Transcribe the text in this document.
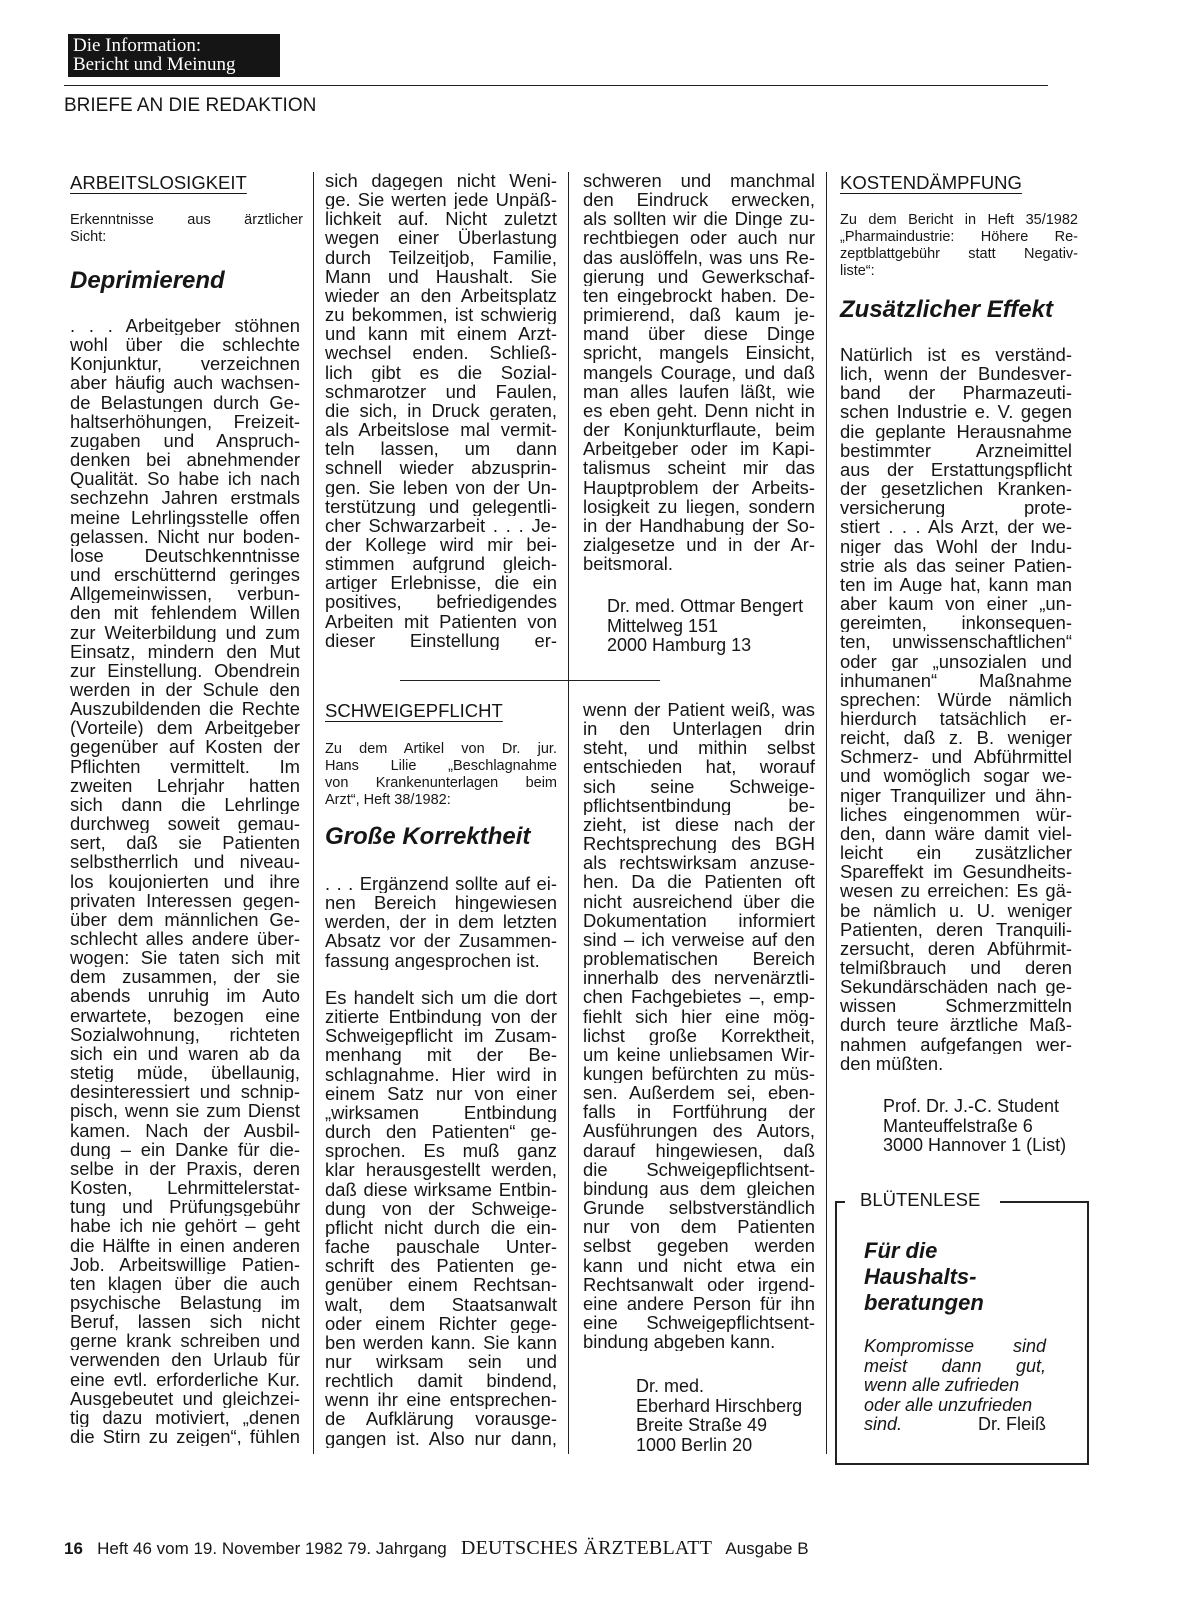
Die Information:
Bericht und Meinung
BRIEFE AN DIE REDAKTION
ARBEITSLOSIGKEIT
Erkenntnisse aus ärztlicher
Sicht:
Deprimierend
. . . Arbeitgeber stöhnen
wohl über die schlechte
Konjunktur, verzeichnen
aber häufig auch wachsen-
de Belastungen durch Ge-
haltserhöhungen, Freizeit-
zugaben und Anspruch-
denken bei abnehmender
Qualität. So habe ich nach
sechzehn Jahren erstmals
meine Lehrlingsstelle offen
gelassen. Nicht nur boden-
lose Deutschkenntnisse
und erschütternd geringes
Allgemeinwissen, verbun-
den mit fehlendem Willen
zur Weiterbildung und zum
Einsatz, mindern den Mut
zur Einstellung. Obendrein
werden in der Schule den
Auszubildenden die Rechte
(Vorteile) dem Arbeitgeber
gegenüber auf Kosten der
Pflichten vermittelt. Im
zweiten Lehrjahr hatten
sich dann die Lehrlinge
durchweg soweit gemau-
sert, daß sie Patienten
selbstherrlich und niveau-
los koujonierten und ihre
privaten Interessen gegen-
über dem männlichen Ge-
schlecht alles andere über-
wogen: Sie taten sich mit
dem zusammen, der sie
abends unruhig im Auto
erwartete, bezogen eine
Sozialwohnung, richteten
sich ein und waren ab da
stetig müde, übellaunig,
desinteressiert und schnip-
pisch, wenn sie zum Dienst
kamen. Nach der Ausbil-
dung – ein Danke für die-
selbe in der Praxis, deren
Kosten, Lehrmittelerstat-
tung und Prüfungsgebühr
habe ich nie gehört – geht
die Hälfte in einen anderen
Job. Arbeitswillige Patien-
ten klagen über die auch
psychische Belastung im
Beruf, lassen sich nicht
gerne krank schreiben und
verwenden den Urlaub für
eine evtl. erforderliche Kur.
Ausgebeutet und gleichzei-
tig dazu motiviert, „denen
die Stirn zu zeigen“, fühlen
sich dagegen nicht Weni-
ge. Sie werten jede Unpäß-
lichkeit auf. Nicht zuletzt
wegen einer Überlastung
durch Teilzeitjob, Familie,
Mann und Haushalt. Sie
wieder an den Arbeitsplatz
zu bekommen, ist schwierig
und kann mit einem Arzt-
wechsel enden. Schließ-
lich gibt es die Sozial-
schmarotzer und Faulen,
die sich, in Druck geraten,
als Arbeitslose mal vermit-
teln lassen, um dann
schnell wieder abzusprin-
gen. Sie leben von der Un-
terstützung und gelegentli-
cher Schwarzarbeit . . . Je-
der Kollege wird mir bei-
stimmen aufgrund gleich-
artiger Erlebnisse, die ein
positives, befriedigendes
Arbeiten mit Patienten von
dieser Einstellung er-
schweren und manchmal
den Eindruck erwecken,
als sollten wir die Dinge zu-
rechtbiegen oder auch nur
das auslöffeln, was uns Re-
gierung und Gewerkschaf-
ten eingebrockt haben. De-
primierend, daß kaum je-
mand über diese Dinge
spricht, mangels Einsicht,
mangels Courage, und daß
man alles laufen läßt, wie
es eben geht. Denn nicht in
der Konjunkturflaute, beim
Arbeitgeber oder im Kapi-
talismus scheint mir das
Hauptproblem der Arbeits-
losigkeit zu liegen, sondern
in der Handhabung der So-
zialgesetze und in der Ar-
beitsmoral.
Dr. med. Ottmar Bengert
Mittelweg 151
2000 Hamburg 13
SCHWEIGEPFLICHT
Zu dem Artikel von Dr. jur.
Hans Lilie „Beschlagnahme
von Krankenunterlagen beim
Arzt“, Heft 38/1982:
Große Korrektheit
. . . Ergänzend sollte auf ei-
nen Bereich hingewiesen
werden, der in dem letzten
Absatz vor der Zusammen-
fassung angesprochen ist.
Es handelt sich um die dort
zitierte Entbindung von der
Schweigepflicht im Zusam-
menhang mit der Be-
schlagnahme. Hier wird in
einem Satz nur von einer
„wirksamen Entbindung
durch den Patienten“ ge-
sprochen. Es muß ganz
klar herausgestellt werden,
daß diese wirksame Entbin-
dung von der Schweige-
pflicht nicht durch die ein-
fache pauschale Unter-
schrift des Patienten ge-
genüber einem Rechtsan-
walt, dem Staatsanwalt
oder einem Richter gege-
ben werden kann. Sie kann
nur wirksam sein und
rechtlich damit bindend,
wenn ihr eine entsprechen-
de Aufklärung vorausge-
gangen ist. Also nur dann,
wenn der Patient weiß, was
in den Unterlagen drin
steht, und mithin selbst
entschieden hat, worauf
sich seine Schweige-
pflichtsentbindung be-
zieht, ist diese nach der
Rechtsprechung des BGH
als rechtswirksam anzuse-
hen. Da die Patienten oft
nicht ausreichend über die
Dokumentation informiert
sind – ich verweise auf den
problematischen Bereich
innerhalb des nervenärztli-
chen Fachgebietes –, emp-
fiehlt sich hier eine mög-
lichst große Korrektheit,
um keine unliebsamen Wir-
kungen befürchten zu müs-
sen. Außerdem sei, eben-
falls in Fortführung der
Ausführungen des Autors,
darauf hingewiesen, daß
die Schweigepflichtsent-
bindung aus dem gleichen
Grunde selbstverständlich
nur von dem Patienten
selbst gegeben werden
kann und nicht etwa ein
Rechtsanwalt oder irgend-
eine andere Person für ihn
eine Schweigepflichtsent-
bindung abgeben kann.
Dr. med.
Eberhard Hirschberg
Breite Straße 49
1000 Berlin 20
KOSTENDÄMPFUNG
Zu dem Bericht in Heft 35/1982
„Pharmaindustrie: Höhere Re-
zeptblattgebühr statt Negativ-
liste“:
Zusätzlicher Effekt
Natürlich ist es verständ-
lich, wenn der Bundesver-
band der Pharmazeuti-
schen Industrie e. V. gegen
die geplante Herausnahme
bestimmter Arzneimittel
aus der Erstattungspflicht
der gesetzlichen Kranken-
versicherung prote-
stiert . . . Als Arzt, der we-
niger das Wohl der Indu-
strie als das seiner Patien-
ten im Auge hat, kann man
aber kaum von einer „un-
gereimten, inkonsequen-
ten, unwissenschaftlichen“
oder gar „unsozialen und
inhumanen“ Maßnahme
sprechen: Würde nämlich
hierdurch tatsächlich er-
reicht, daß z. B. weniger
Schmerz- und Abführmittel
und womöglich sogar we-
niger Tranquilizer und ähn-
liches eingenommen wür-
den, dann wäre damit viel-
leicht ein zusätzlicher
Spareffekt im Gesundheits-
wesen zu erreichen: Es gä-
be nämlich u. U. weniger
Patienten, deren Tranquili-
zersucht, deren Abführmit-
telmißbrauch und deren
Sekundärschäden nach ge-
wissen Schmerzmitteln
durch teure ärztliche Maß-
nahmen aufgefangen wer-
den müßten.
Prof. Dr. J.-C. Student
Manteuffelstraße 6
3000 Hannover 1 (List)
BLÜTENLESE
Für die
Haushalts-
beratungen
Kompromisse sind
meist dann gut,
wenn alle zufrieden
oder alle unzufrieden
sind.	Dr. Fleiß
16 Heft 46 vom 19. November 1982 79. Jahrgang DEUTSCHES ÄRZTEBLATT Ausgabe B
